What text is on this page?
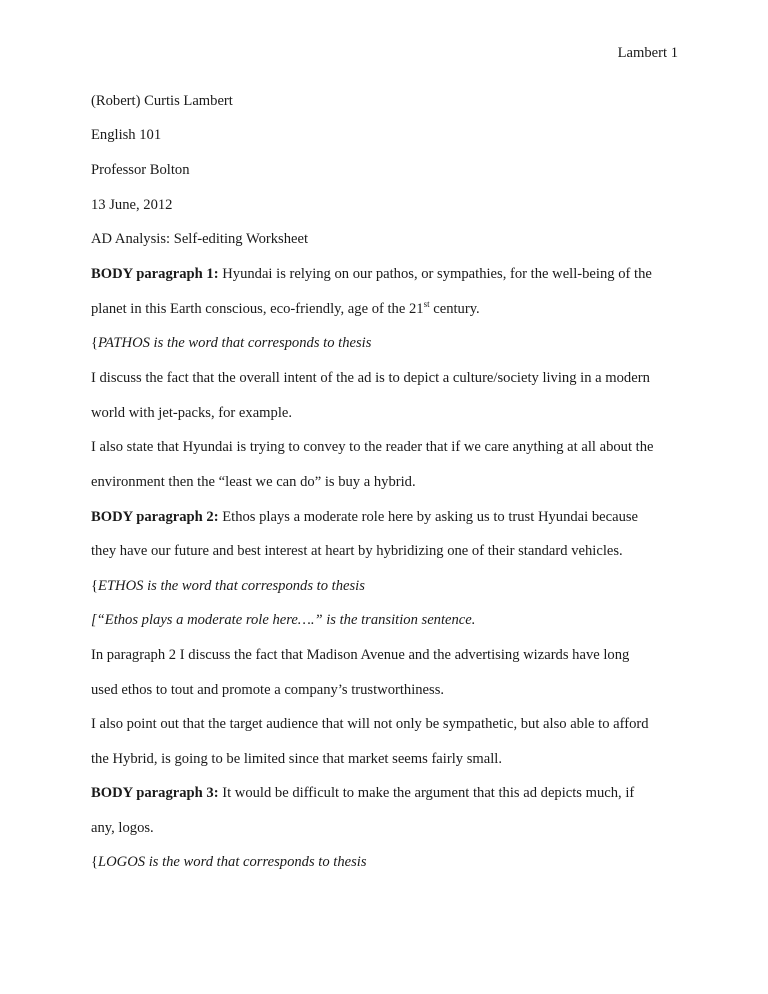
Lambert 1
(Robert) Curtis Lambert
English 101
Professor Bolton
13 June, 2012
AD Analysis: Self-editing Worksheet
BODY paragraph 1: Hyundai is relying on our pathos, or sympathies, for the well-being of the
planet in this Earth conscious, eco-friendly, age of the 21st century.
{PATHOS is the word that corresponds to thesis
I discuss the fact that the overall intent of the ad is to depict a culture/society living in a modern
world with jet-packs, for example.
I also state that Hyundai is trying to convey to the reader that if we care anything at all about the
environment then the “least we can do” is buy a hybrid.
BODY paragraph 2: Ethos plays a moderate role here by asking us to trust Hyundai because
they have our future and best interest at heart by hybridizing one of their standard vehicles.
{ETHOS is the word that corresponds to thesis
[“Ethos plays a moderate role here….” is the transition sentence.
In paragraph 2 I discuss the fact that Madison Avenue and the advertising wizards have long
used ethos to tout and promote a company’s trustworthiness.
I also point out that the target audience that will not only be sympathetic, but also able to afford
the Hybrid, is going to be limited since that market seems fairly small.
BODY paragraph 3: It would be difficult to make the argument that this ad depicts much, if
any, logos.
{LOGOS is the word that corresponds to thesis
